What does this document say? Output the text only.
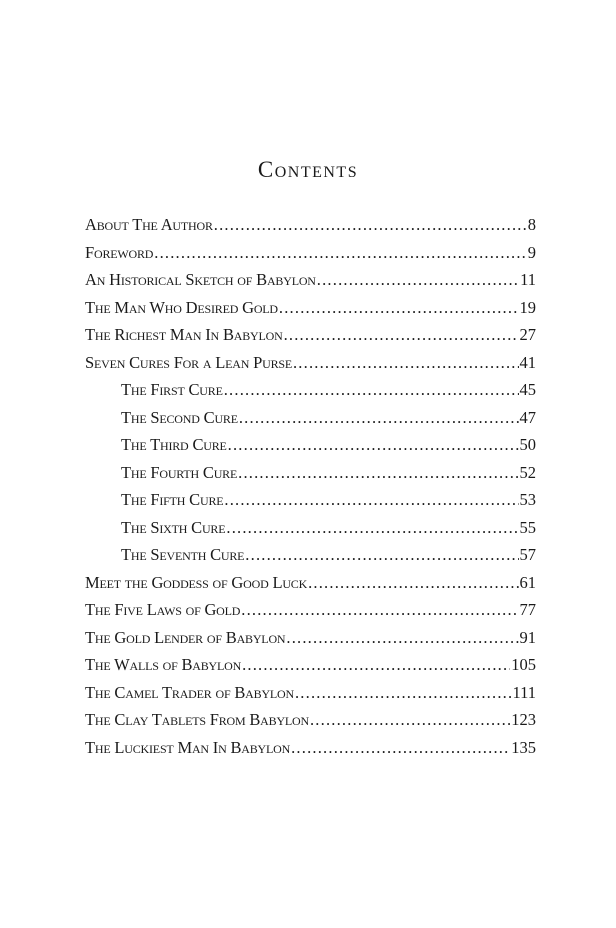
Contents
About The Author .....	8
Foreword .....	9
An Historical Sketch of Babylon .....	11
The Man Who Desired Gold .....	19
The Richest Man In Babylon .....	27
Seven Cures For a Lean Purse .....	41
The First Cure .....	45
The Second Cure .....	47
The Third Cure .....	50
The Fourth Cure .....	52
The Fifth Cure .....	53
The Sixth Cure .....	55
The Seventh Cure .....	57
Meet the Goddess of Good Luck .....	61
The Five Laws of Gold .....	77
The Gold Lender of Babylon .....	91
The Walls of Babylon .....	105
The Camel Trader of Babylon .....	111
The Clay Tablets From Babylon .....	123
The Luckiest Man In Babylon .....	135
